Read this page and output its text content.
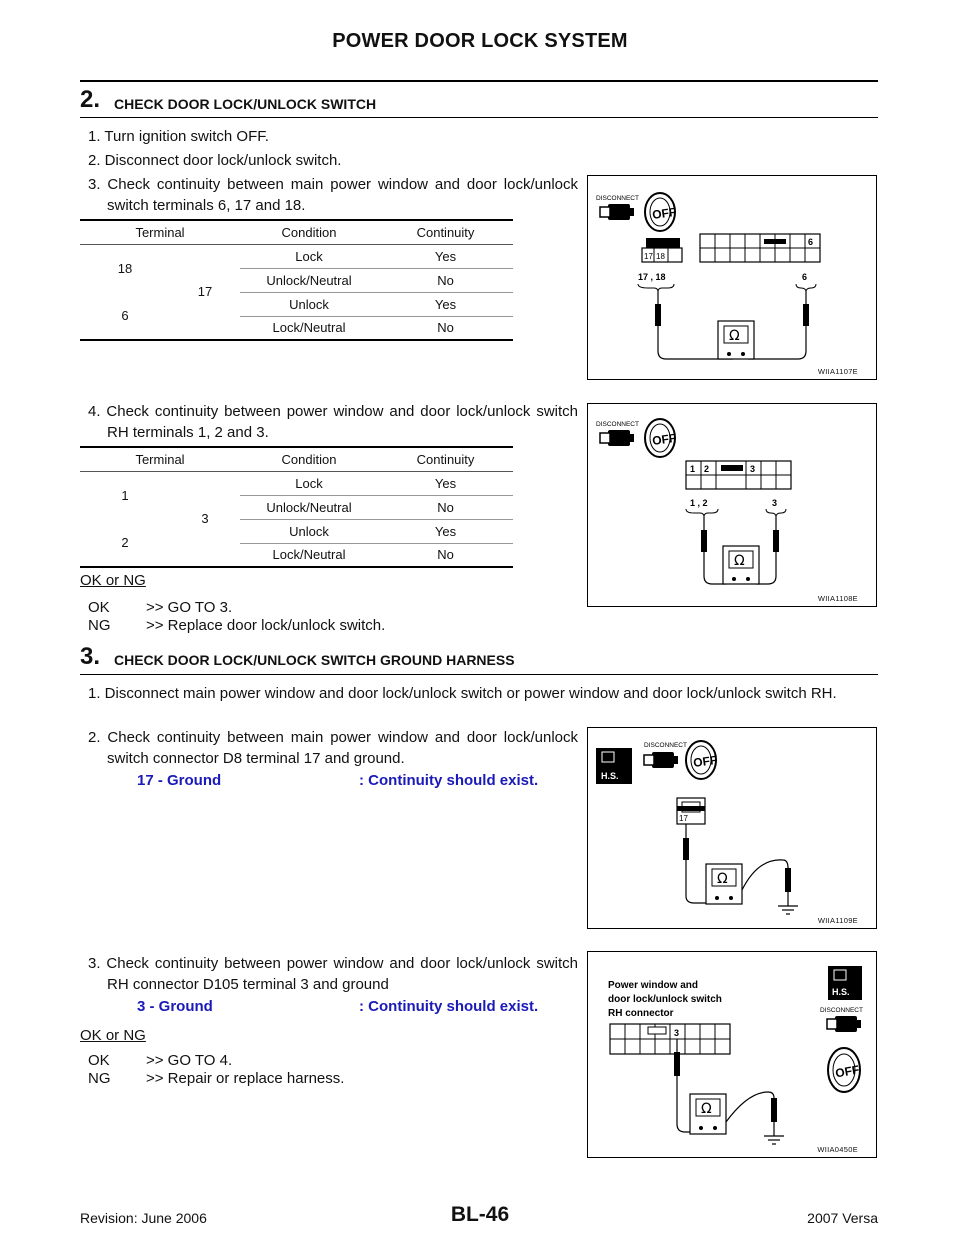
POWER DOOR LOCK SYSTEM
2. CHECK DOOR LOCK/UNLOCK SWITCH
1. Turn ignition switch OFF.
2. Disconnect door lock/unlock switch.
3. Check continuity between main power window and door lock/unlock switch terminals 6, 17 and 18.
Terminal		Condition	Continuity
18	17	Lock	Yes
		Unlock/Neutral	No
6		Unlock	Yes
		Lock/Neutral	No
4. Check continuity between power window and door lock/unlock switch RH terminals 1, 2 and 3.
Terminal		Condition	Continuity
1	3	Lock	Yes
		Unlock/Neutral	No
2		Unlock	Yes
		Lock/Neutral	No
OK or NG
OK >> GO TO 3.
NG >> Replace door lock/unlock switch.
3. CHECK DOOR LOCK/UNLOCK SWITCH GROUND HARNESS
1. Disconnect main power window and door lock/unlock switch or power window and door lock/unlock switch RH.
2. Check continuity between main power window and door lock/unlock switch connector D8 terminal 17 and ground.
17 - Ground	: Continuity should exist.
3. Check continuity between power window and door lock/unlock switch RH connector D105 terminal 3 and ground
3 - Ground	: Continuity should exist.
OK or NG
OK >> GO TO 4.
NG >> Repair or replace harness.
DISCONNECT
OFF
17 18
6
17 , 18	6
Ω
WIIA1107E
DISCONNECT
OFF
1 2	3
1 , 2	3
Ω
WIIA1108E
H.S.
DISCONNECT
OFF
17
Ω
WIIA1109E
Power window and
door lock/unlock switch
RH connector
H.S.
DISCONNECT
OFF
3
Ω
WIIA0450E
Revision: June 2006	BL-46	2007 Versa
